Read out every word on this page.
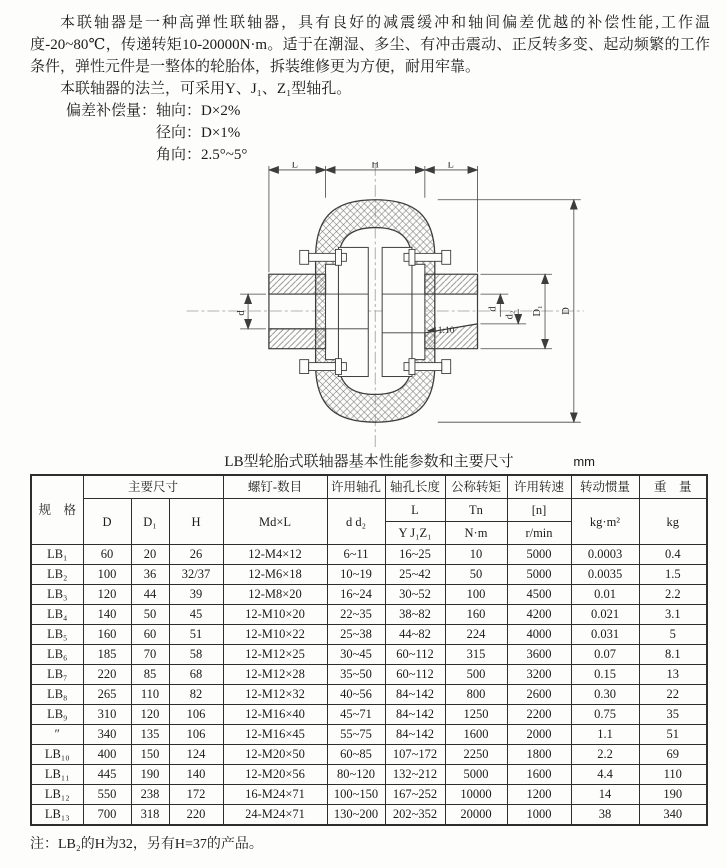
本联轴器是一种高弹性联轴器，具有良好的减震缓冲和轴间偏差优越的补偿性能,工作温度-20~80℃，传递转矩10-20000N·m。适于在潮湿、多尘、有冲击震动、正反转多变、起动频繁的工作条件，弹性元件是一整体的轮胎体，拆装维修更为方便，耐用牢靠。

本联轴器的法兰，可采用Y、J₁、Z₁型轴孔。

偏差补偿量：轴向：D×2%
径向：D×1%
角向：2.5°~5°
L	H	L
d
d
d₂ D₁ D
1:10
LB型轮胎式联轴器基本性能参数和主要尺寸	mm
规　格	主要尺寸			螺钉-数目	许用轴孔	轴孔长度	公称转矩	许用转速	转动惯量	重　量
	D	D₁	H	Md×L	d d₂	L	Tn	[n]	kg·m²	kg
						Y J₁Z₁	N·m	r/min		
LB₁	60	20	26	12-M4×12	6~11	16~25	10	5000	0.0003	0.4
LB₂	100	36	32/37	12-M6×18	10~19	25~42	50	5000	0.0035	1.5
LB₃	120	44	39	12-M8×20	16~24	30~52	100	4500	0.01	2.2
LB₄	140	50	45	12-M10×20	22~35	38~82	160	4200	0.021	3.1
LB₅	160	60	51	12-M10×22	25~38	44~82	224	4000	0.031	5
LB₆	185	70	58	12-M12×25	30~45	60~112	315	3600	0.07	8.1
LB₇	220	85	68	12-M12×28	35~50	60~112	500	3200	0.15	13
LB₈	265	110	82	12-M12×32	40~56	84~142	800	2600	0.30	22
LB₉	310	120	106	12-M16×40	45~71	84~142	1250	2200	0.75	35
″	340	135	106	12-M16×45	55~75	84~142	1600	2000	1.1	51
LB₁₀	400	150	124	12-M20×50	60~85	107~172	2250	1800	2.2	69
LB₁₁	445	190	140	12-M20×56	80~120	132~212	5000	1600	4.4	110
LB₁₂	550	238	172	16-M24×71	100~150	167~252	10000	1200	14	190
LB₁₃	700	318	220	24-M24×71	130~200	202~352	20000	1000	38	340
注：LB₂的H为32，另有H=37的产品。
